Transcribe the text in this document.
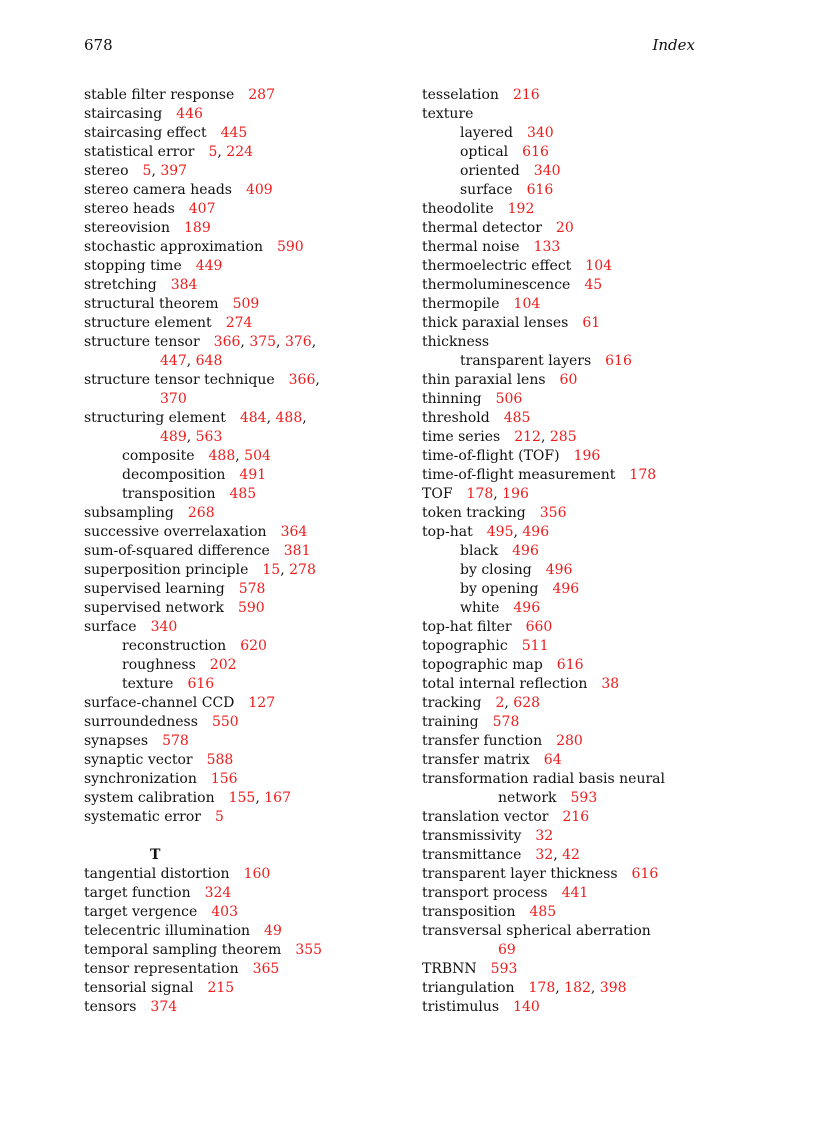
678	Index
stable filter response 287
staircasing 446
staircasing effect 445
statistical error 5, 224
stereo 5, 397
stereo camera heads 409
stereo heads 407
stereovision 189
stochastic approximation 590
stopping time 449
stretching 384
structural theorem 509
structure element 274
structure tensor 366, 375, 376,
447, 648
structure tensor technique 366,
370
structuring element 484, 488,
489, 563
composite 488, 504
decomposition 491
transposition 485
subsampling 268
successive overrelaxation 364
sum-of-squared difference 381
superposition principle 15, 278
supervised learning 578
supervised network 590
surface 340
reconstruction 620
roughness 202
texture 616
surface-channel CCD 127
surroundedness 550
synapses 578
synaptic vector 588
synchronization 156
system calibration 155, 167
systematic error 5
T
tangential distortion 160
target function 324
target vergence 403
telecentric illumination 49
temporal sampling theorem 355
tensor representation 365
tensorial signal 215
tensors 374
tesselation 216
texture
layered 340
optical 616
oriented 340
surface 616
theodolite 192
thermal detector 20
thermal noise 133
thermoelectric effect 104
thermoluminescence 45
thermopile 104
thick paraxial lenses 61
thickness
transparent layers 616
thin paraxial lens 60
thinning 506
threshold 485
time series 212, 285
time-of-flight (TOF) 196
time-of-flight measurement 178
TOF 178, 196
token tracking 356
top-hat 495, 496
black 496
by closing 496
by opening 496
white 496
top-hat filter 660
topographic 511
topographic map 616
total internal reflection 38
tracking 2, 628
training 578
transfer function 280
transfer matrix 64
transformation radial basis neural
network 593
translation vector 216
transmissivity 32
transmittance 32, 42
transparent layer thickness 616
transport process 441
transposition 485
transversal spherical aberration
69
TRBNN 593
triangulation 178, 182, 398
tristimulus 140
